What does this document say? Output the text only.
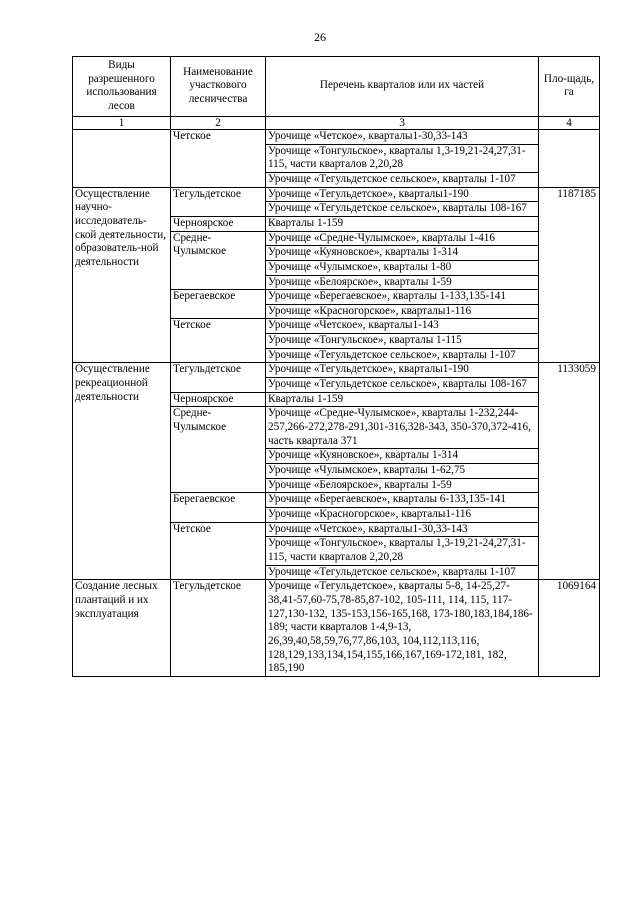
26
Виды разрешенного использования лесов	Наименование участкового лесничества	Перечень кварталов или их частей	Пло-щадь, га
1	2	3	4
	Четское	Урочище «Четское», кварталы1-30,33-143	
		Урочище «Тонгульское», кварталы 1,3-19,21-24,27,31-115, части кварталов 2,20,28	
		Урочище «Тегульдетское сельское», кварталы 1-107	
Осуществление научно-исследователь-ской деятельности, образователь-ной деятельности	Тегульдетское	Урочище «Тегульдетское», кварталы1-190	1187185
		Урочище «Тегульдетское сельское», кварталы 108-167	
	Черноярское	Кварталы 1-159	
	Средне-Чулымское	Урочище «Средне-Чулымское», кварталы 1-416	
		Урочище «Куяновское», кварталы 1-314	
		Урочище «Чулымское», кварталы 1-80	
		Урочище «Белоярское», кварталы 1-59	
	Берегаевское	Урочище «Берегаевское», кварталы 1-133,135-141	
		Урочище «Красногорское», кварталы1-116	
	Четское	Урочище «Четское», кварталы1-143	
		Урочище «Тонгульское», кварталы 1-115	
		Урочище «Тегульдетское сельское», кварталы 1-107	
Осуществление рекреационной деятельности	Тегульдетское	Урочище «Тегульдетское», кварталы1-190	1133059
		Урочище «Тегульдетское сельское», кварталы 108-167	
	Черноярское	Кварталы 1-159	
	Средне-Чулымское	Урочище «Средне-Чулымское», кварталы 1-232,244-257,266-272,278-291,301-316,328-343, 350-370,372-416, часть квартала 371	
		Урочище «Куяновское», кварталы 1-314	
		Урочище «Чулымское», кварталы 1-62,75	
		Урочище «Белоярское», кварталы 1-59	
	Берегаевское	Урочище «Берегаевское», кварталы 6-133,135-141	
		Урочище «Красногорское», кварталы1-116	
	Четское	Урочище «Четское», кварталы1-30,33-143	
		Урочище «Тонгульское», кварталы 1,3-19,21-24,27,31-115, части кварталов 2,20,28	
		Урочище «Тегульдетское сельское», кварталы 1-107	
Создание лесных плантаций и их эксплуатация	Тегульдетское	Урочище «Тегульдетское», кварталы 5-8, 14-25,27-38,41-57,60-75,78-85,87-102, 105-111, 114, 115, 117-127,130-132, 135-153,156-165,168, 173-180,183,184,186-189; части кварталов 1-4,9-13, 26,39,40,58,59,76,77,86,103, 104,112,113,116, 128,129,133,134,154,155,166,167,169-172,181, 182, 185,190	1069164
